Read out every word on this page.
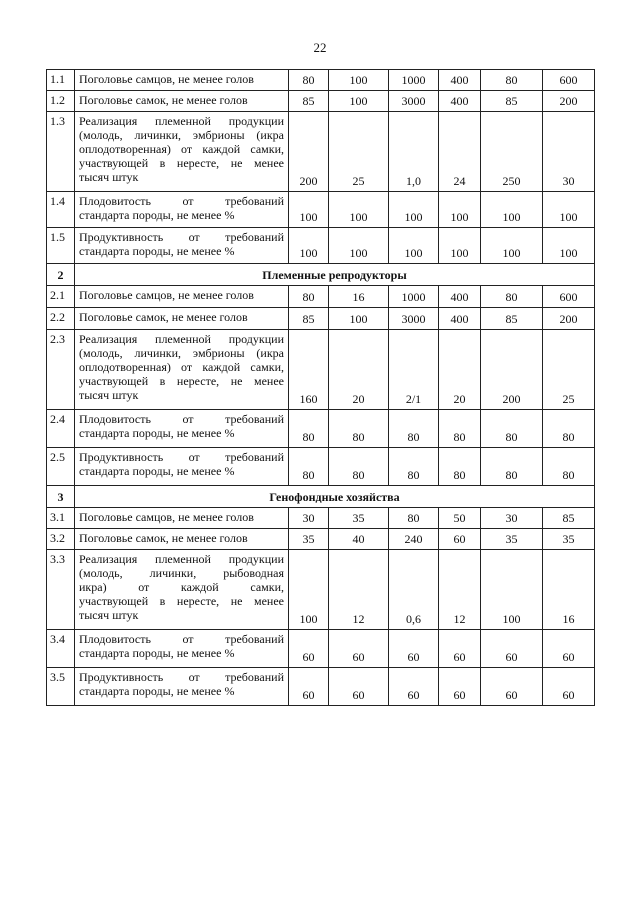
22
1.1	Поголовье самцов, не менее голов	80	100	1000	400	80	600
1.2	Поголовье самок, не менее голов	85	100	3000	400	85	200
1.3	Реализация племенной продукции
(молодь, личинки, эмбрионы (икра
оплодотворенная) от каждой самки,
участвующей в нересте, не менее
тысяч штук	200	25	1,0	24	250	30
1.4	Плодовитость от требований
стандарта породы, не менее %	100	100	100	100	100	100
1.5	Продуктивность от требований
стандарта породы, не менее %	100	100	100	100	100	100
2	Племенные репродукторы						
2.1	Поголовье самцов, не менее голов	80	16	1000	400	80	600
2.2	Поголовье самок, не менее голов	85	100	3000	400	85	200
2.3	Реализация племенной продукции
(молодь, личинки, эмбрионы (икра
оплодотворенная) от каждой самки,
участвующей в нересте, не менее
тысяч штук	160	20	2/1	20	200	25
2.4	Плодовитость от требований
стандарта породы, не менее %	80	80	80	80	80	80
2.5	Продуктивность от требований
стандарта породы, не менее %	80	80	80	80	80	80
3	Генофондные хозяйства						
3.1	Поголовье самцов, не менее голов	30	35	80	50	30	85
3.2	Поголовье самок, не менее голов	35	40	240	60	35	35
3.3	Реализация племенной продукции
(молодь, личинки, рыбоводная
икра) от каждой самки,
участвующей в нересте, не менее
тысяч штук	100	12	0,6	12	100	16
3.4	Плодовитость от требований
стандарта породы, не менее %	60	60	60	60	60	60
3.5	Продуктивность от требований
стандарта породы, не менее %	60	60	60	60	60	60
